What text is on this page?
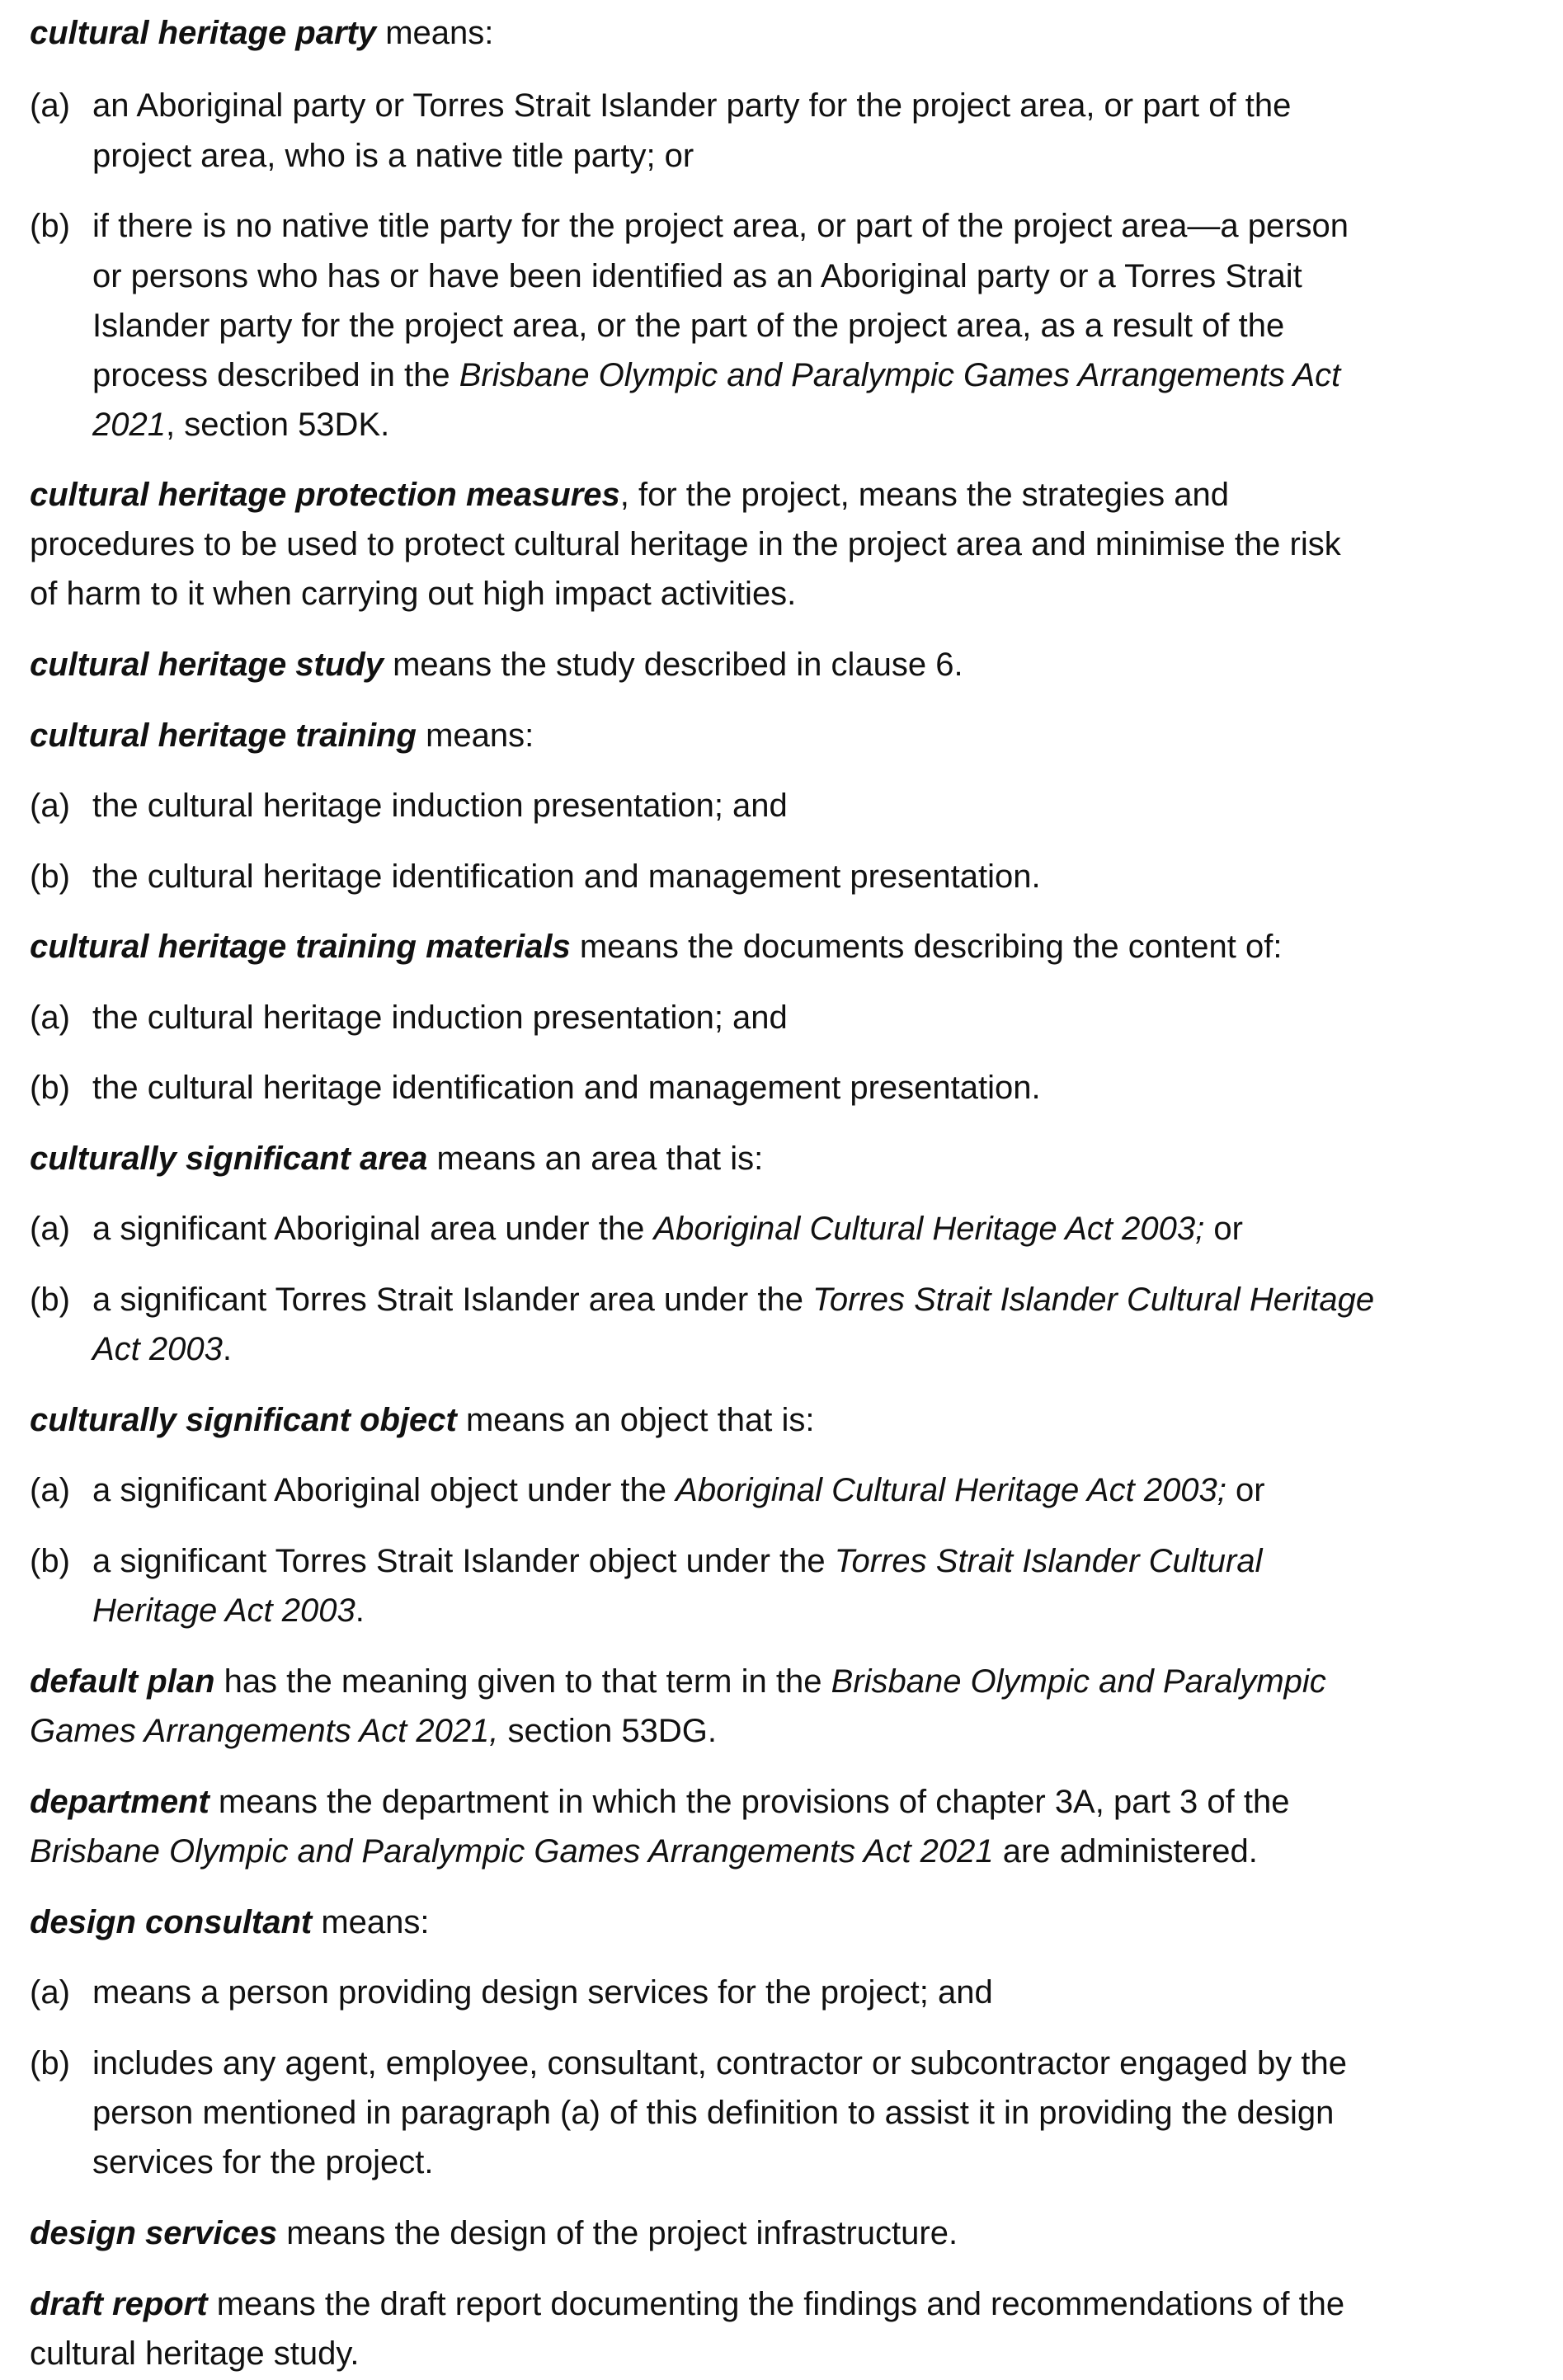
cultural heritage party means:
(a) an Aboriginal party or Torres Strait Islander party for the project area, or part of the
project area, who is a native title party; or
(b) if there is no native title party for the project area, or part of the project area—a person
or persons who has or have been identified as an Aboriginal party or a Torres Strait
Islander party for the project area, or the part of the project area, as a result of the
process described in the Brisbane Olympic and Paralympic Games Arrangements Act
2021, section 53DK.
cultural heritage protection measures, for the project, means the strategies and
procedures to be used to protect cultural heritage in the project area and minimise the risk
of harm to it when carrying out high impact activities.
cultural heritage study means the study described in clause 6.
cultural heritage training means:
(a) the cultural heritage induction presentation; and
(b) the cultural heritage identification and management presentation.
cultural heritage training materials means the documents describing the content of:
(a) the cultural heritage induction presentation; and
(b) the cultural heritage identification and management presentation.
culturally significant area means an area that is:
(a) a significant Aboriginal area under the Aboriginal Cultural Heritage Act 2003; or
(b) a significant Torres Strait Islander area under the Torres Strait Islander Cultural Heritage
Act 2003.
culturally significant object means an object that is:
(a) a significant Aboriginal object under the Aboriginal Cultural Heritage Act 2003; or
(b) a significant Torres Strait Islander object under the Torres Strait Islander Cultural
Heritage Act 2003.
default plan has the meaning given to that term in the Brisbane Olympic and Paralympic
Games Arrangements Act 2021, section 53DG.
department means the department in which the provisions of chapter 3A, part 3 of the
Brisbane Olympic and Paralympic Games Arrangements Act 2021 are administered.
design consultant means:
(a) means a person providing design services for the project; and
(b) includes any agent, employee, consultant, contractor or subcontractor engaged by the
person mentioned in paragraph (a) of this definition to assist it in providing the design
services for the project.
design services means the design of the project infrastructure.
draft report means the draft report documenting the findings and recommendations of the
cultural heritage study.
